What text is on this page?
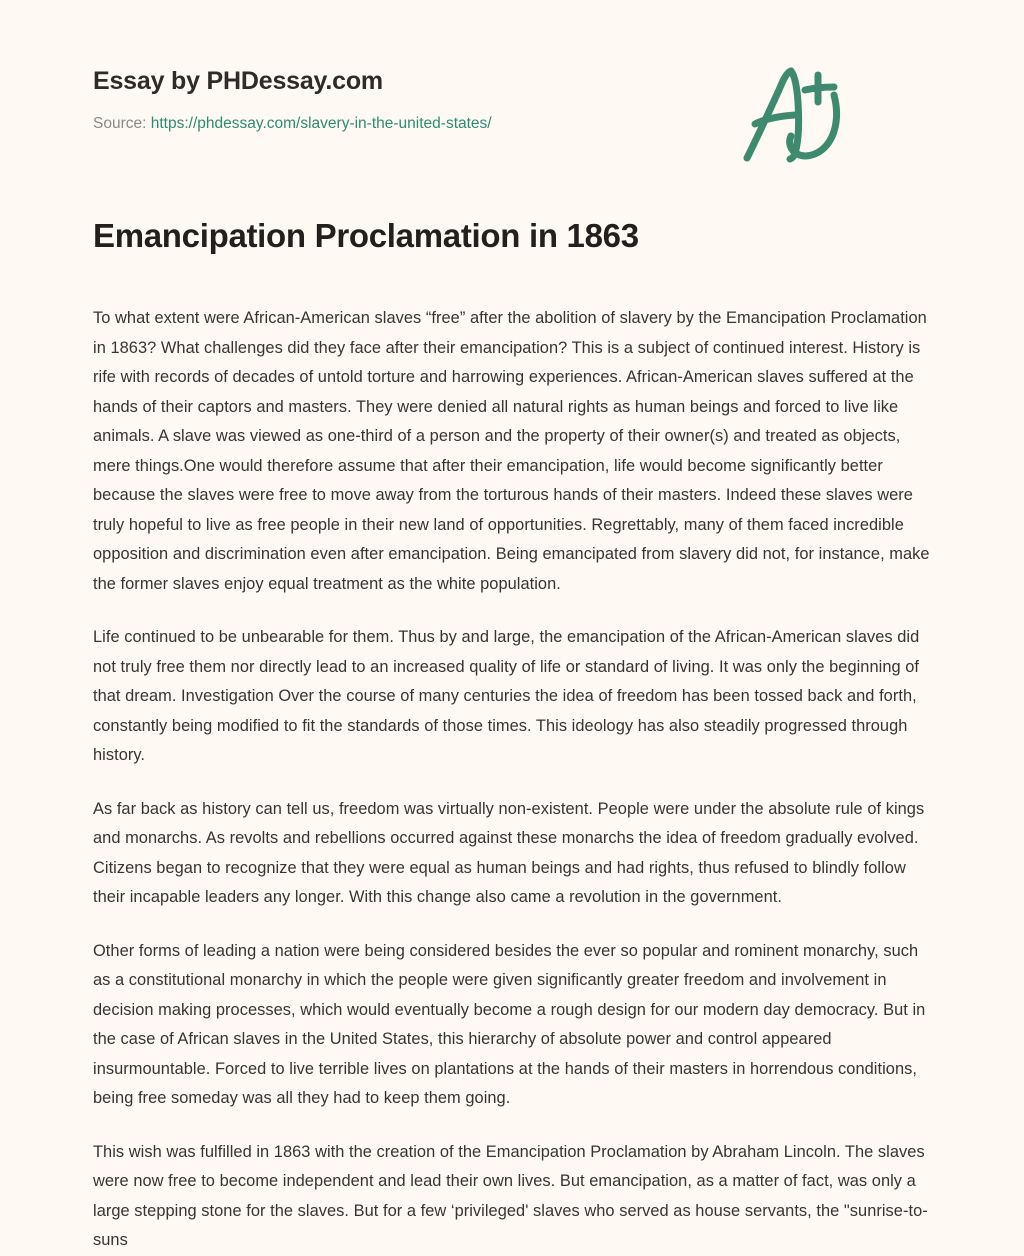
Essay by PHDessay.com
Source: https://phdessay.com/slavery-in-the-united-states/
Emancipation Proclamation in 1863

To what extent were African-American slaves “free” after the abolition of slavery by the Emancipation Proclamation in 1863? What challenges did they face after their emancipation? This is a subject of continued interest. History is rife with records of decades of untold torture and harrowing experiences. African-American slaves suffered at the hands of their captors and masters. They were denied all natural rights as human beings and forced to live like animals. A slave was viewed as one-third of a person and the property of their owner(s) and treated as objects, mere things.One would therefore assume that after their emancipation, life would become significantly better because the slaves were free to move away from the torturous hands of their masters. Indeed these slaves were truly hopeful to live as free people in their new land of opportunities. Regrettably, many of them faced incredible opposition and discrimination even after emancipation. Being emancipated from slavery did not, for instance, make the former slaves enjoy equal treatment as the white population.

Life continued to be unbearable for them. Thus by and large, the emancipation of the African-American slaves did not truly free them nor directly lead to an increased quality of life or standard of living. It was only the beginning of that dream. Investigation Over the course of many centuries the idea of freedom has been tossed back and forth, constantly being modified to fit the standards of those times. This ideology has also steadily progressed through history.

As far back as history can tell us, freedom was virtually non-existent. People were under the absolute rule of kings and monarchs. As revolts and rebellions occurred against these monarchs the idea of freedom gradually evolved. Citizens began to recognize that they were equal as human beings and had rights, thus refused to blindly follow their incapable leaders any longer. With this change also came a revolution in the government.

Other forms of leading a nation were being considered besides the ever so popular and rominent monarchy, such as a constitutional monarchy in which the people were given significantly greater freedom and involvement in decision making processes, which would eventually become a rough design for our modern day democracy. But in the case of African slaves in the United States, this hierarchy of absolute power and control appeared insurmountable. Forced to live terrible lives on plantations at the hands of their masters in horrendous conditions, being free someday was all they had to keep them going.

This wish was fulfilled in 1863 with the creation of the Emancipation Proclamation by Abraham Lincoln. The slaves were now free to become independent and lead their own lives. But emancipation, as a matter of fact, was only a large stepping stone for the slaves. But for a few ‘privileged' slaves who served as house servants, the "sunrise-to-suns
